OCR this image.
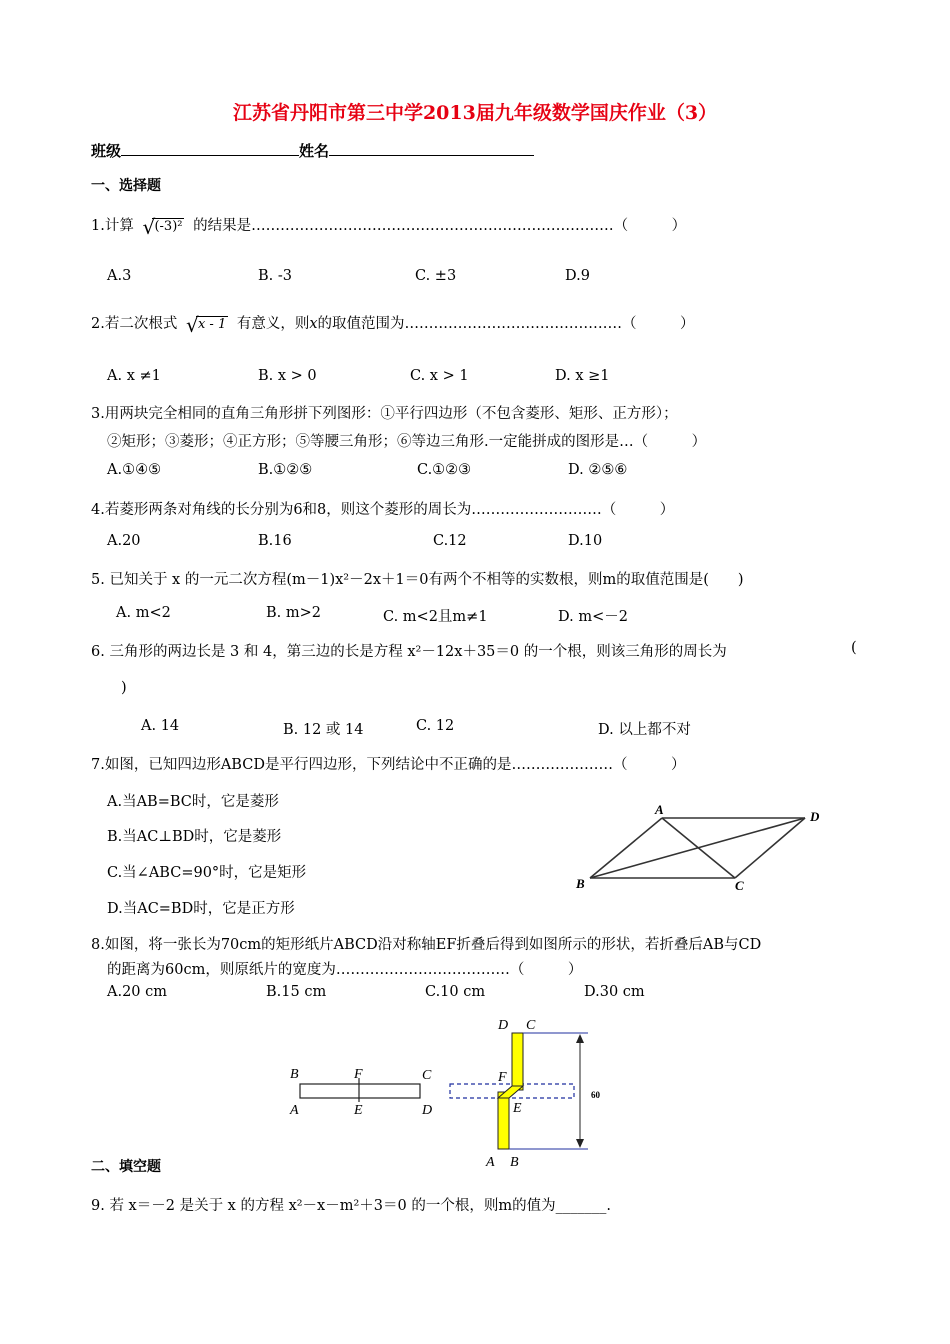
江苏省丹阳市第三中学2013届九年级数学国庆作业（3）
班级	姓名
一、选择题
1.计算 √ (-3)² 的结果是…………………………………………………………………（　　　）
A.3	B. -3	C. ±3	D.9
2.若二次根式 √ x - 1 有意义，则x的取值范围为………………………………………（　　　）
A. x ≠1	B. x > 0	C. x > 1	D. x ≥1
3.用两块完全相同的直角三角形拼下列图形：①平行四边形（不包含菱形、矩形、正方形）；
②矩形；③菱形；④正方形；⑤等腰三角形；⑥等边三角形.一定能拼成的图形是…（　　　）
A.①④⑤	B.①②⑤	C.①②③	D. ②⑤⑥
4.若菱形两条对角线的长分别为6和8，则这个菱形的周长为………………………（　　　）
A.20	B.16	C.12	D.10
5. 已知关于 x 的一元二次方程(m－1)x²－2x＋1＝0有两个不相等的实数根，则m的取值范围是(　　)
A. m<2	B. m>2	C. m<2且m≠1	D. m<－2
6. 三角形的两边长是 3 和 4，第三边的长是方程 x²－12x＋35＝0 的一个根，则该三角形的周长为	(
)
A. 14	B. 12 或 14	C. 12	D. 以上都不对
7.如图，已知四边形ABCD是平行四边形，下列结论中不正确的是…………………（　　　）
A.当AB=BC时，它是菱形
B.当AC⊥BD时，它是菱形
C.当∠ABC=90°时，它是矩形
D.当AC=BD时，它是正方形
A	D
B	C
8.如图，将一张长为70cm的矩形纸片ABCD沿对称轴EF折叠后得到如图所示的形状，若折叠后AB与CD
的距离为60cm，则原纸片的宽度为………………………………（　　　）
A.20 cm	B.15 cm	C.10 cm	D.30 cm
B	F	C
A	E	D
60
D C
F
E
A B
二、填空题
9. 若 x＝－2 是关于 x 的方程 x²－x－m²＋3＝0 的一个根，则m的值为_______.
